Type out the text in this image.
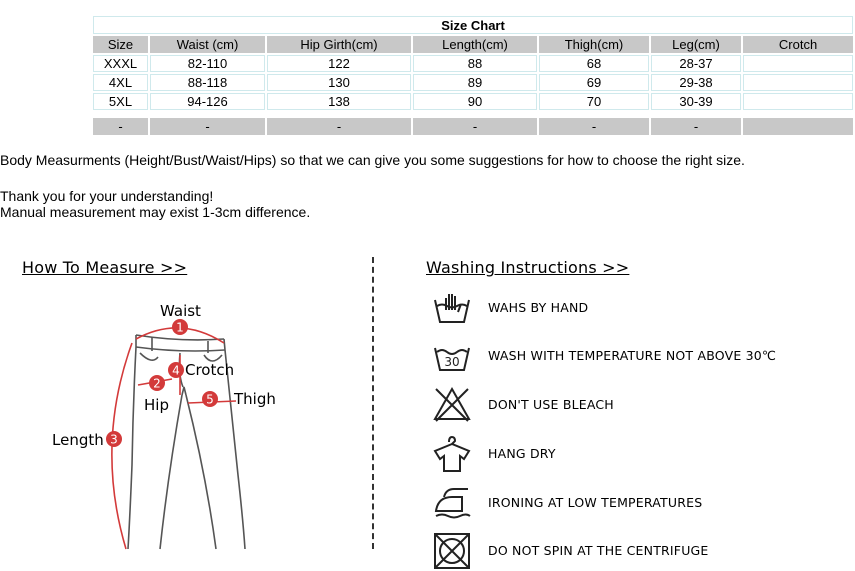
Size Chart						
Size	Waist (cm)	Hip Girth(cm)	Length(cm)	Thigh(cm)	Leg(cm)	Crotch
XXXL	82-110	122	88	68	28-37	
4XL	88-118	130	89	69	29-38	
5XL	94-126	138	90	70	30-39	

-	-	-	-	-	-	
Body Measurments (Height/Bust/Waist/Hips) so that we can give you some suggestions for how to choose the right size.
Thank you for your understanding!
Manual measurement may exist 1-3cm difference.
How To Measure >>
1
4
2
5
3
Waist
Crotch
Hip	Thigh
Length
Washing Instructions >>
WAHS BY HAND
30 WASH WITH TEMPERATURE NOT ABOVE 30℃
DON'T USE BLEACH
HANG DRY
IRONING AT LOW TEMPERATURES
DO NOT SPIN AT THE CENTRIFUGE
